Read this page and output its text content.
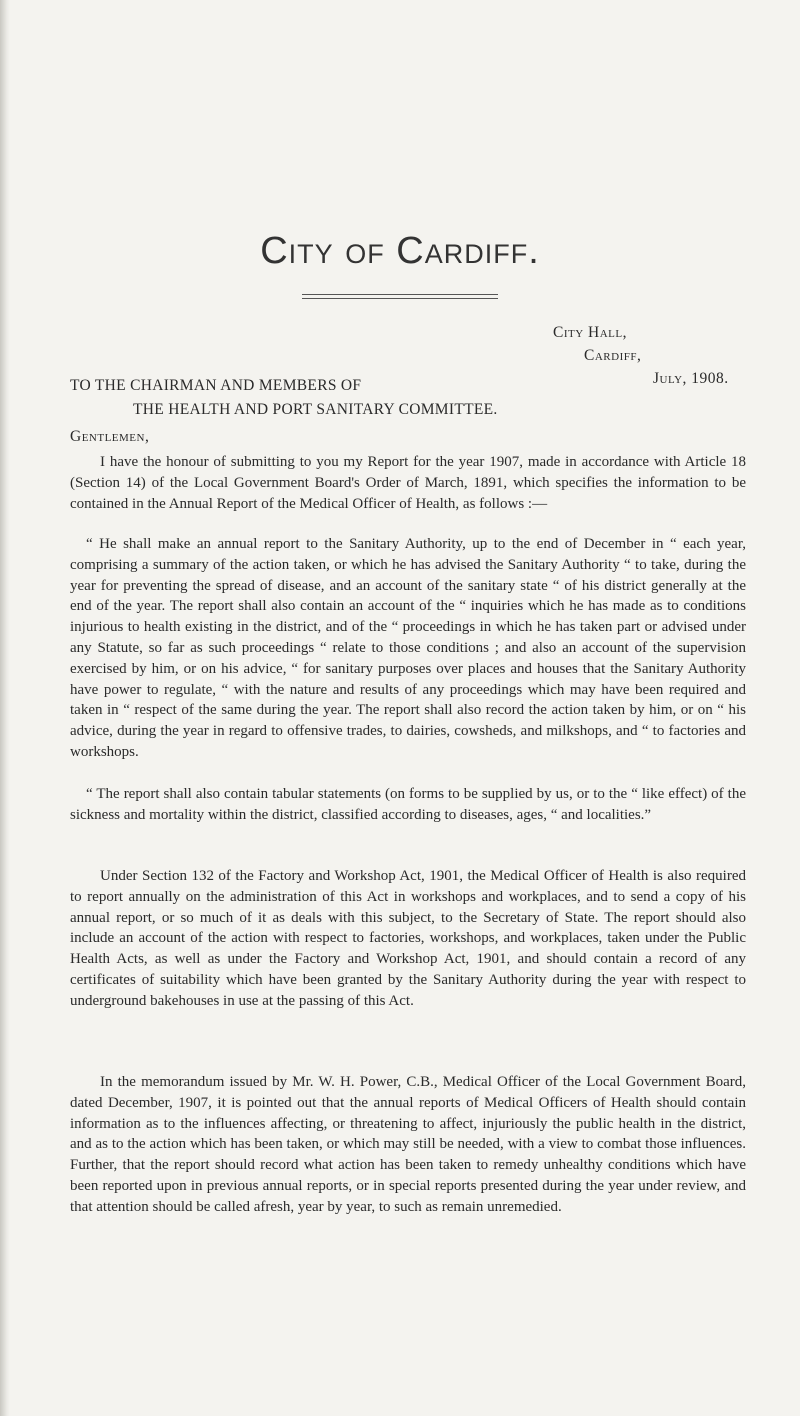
City of Cardiff.
City Hall,
Cardiff,
July, 1908.
TO THE CHAIRMAN AND MEMBERS OF
THE HEALTH AND PORT SANITARY COMMITTEE.
Gentlemen,

I have the honour of submitting to you my Report for the year 1907, made in accordance with Article 18 (Section 14) of the Local Government Board's Order of March, 1891, which specifies the information to be contained in the Annual Report of the Medical Officer of Health, as follows :—

“ He shall make an annual report to the Sanitary Authority, up to the end of December in “ each year, comprising a summary of the action taken, or which he has advised the Sanitary Authority “ to take, during the year for preventing the spread of disease, and an account of the sanitary state “ of his district generally at the end of the year. The report shall also contain an account of the “ inquiries which he has made as to conditions injurious to health existing in the district, and of the “ proceedings in which he has taken part or advised under any Statute, so far as such proceedings “ relate to those conditions ; and also an account of the supervision exercised by him, or on his advice, “ for sanitary purposes over places and houses that the Sanitary Authority have power to regulate, “ with the nature and results of any proceedings which may have been required and taken in “ respect of the same during the year. The report shall also record the action taken by him, or on “ his advice, during the year in regard to offensive trades, to dairies, cowsheds, and milkshops, and “ to factories and workshops.

“ The report shall also contain tabular statements (on forms to be supplied by us, or to the “ like effect) of the sickness and mortality within the district, classified according to diseases, ages, “ and localities.”

Under Section 132 of the Factory and Workshop Act, 1901, the Medical Officer of Health is also required to report annually on the administration of this Act in workshops and workplaces, and to send a copy of his annual report, or so much of it as deals with this subject, to the Secretary of State. The report should also include an account of the action with respect to factories, workshops, and workplaces, taken under the Public Health Acts, as well as under the Factory and Workshop Act, 1901, and should contain a record of any certificates of suitability which have been granted by the Sanitary Authority during the year with respect to underground bakehouses in use at the passing of this Act.

In the memorandum issued by Mr. W. H. Power, C.B., Medical Officer of the Local Government Board, dated December, 1907, it is pointed out that the annual reports of Medical Officers of Health should contain information as to the influences affecting, or threatening to affect, injuriously the public health in the district, and as to the action which has been taken, or which may still be needed, with a view to combat those influences. Further, that the report should record what action has been taken to remedy unhealthy conditions which have been reported upon in previous annual reports, or in special reports presented during the year under review, and that attention should be called afresh, year by year, to such as remain unremedied.
